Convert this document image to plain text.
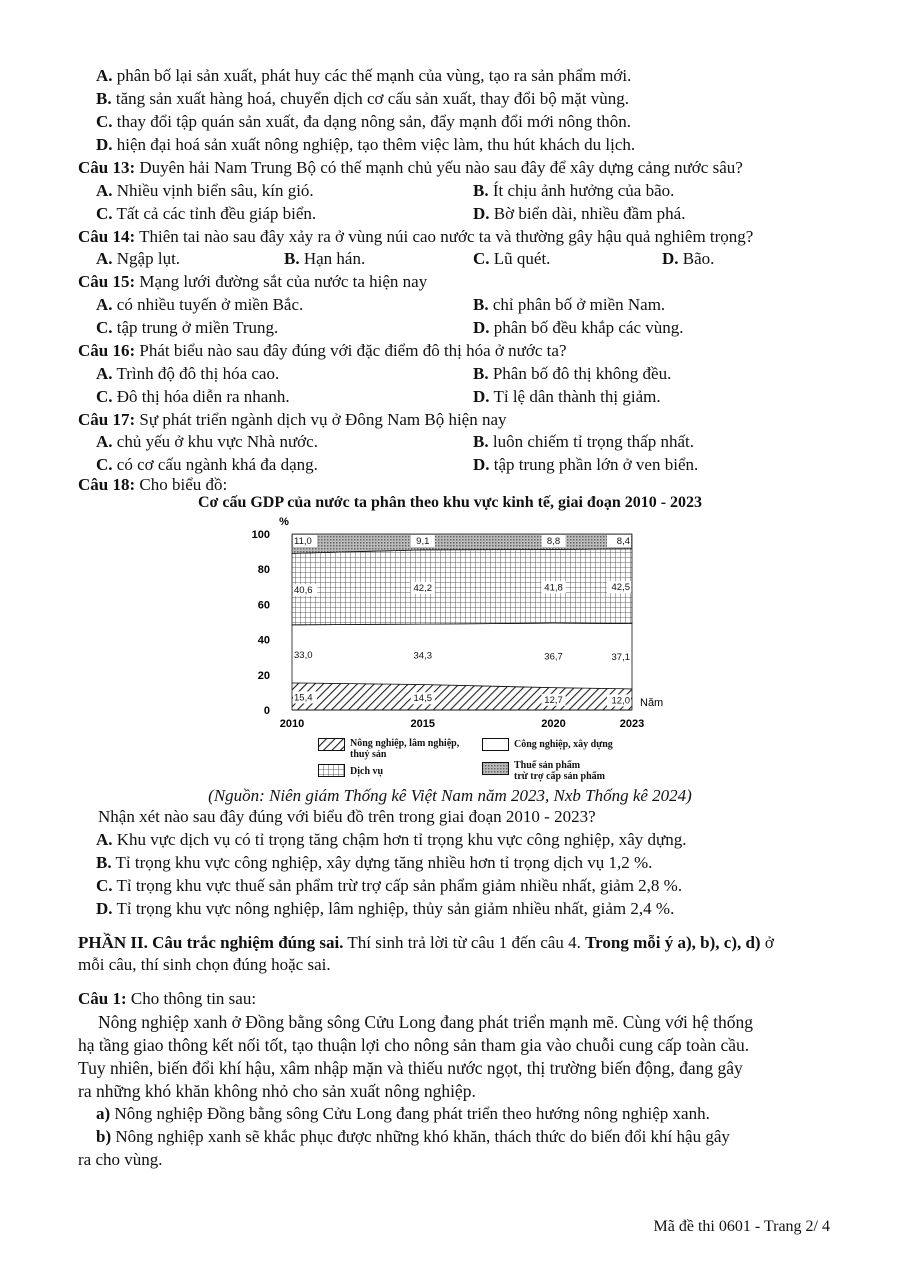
A. phân bố lại sản xuất, phát huy các thế mạnh của vùng, tạo ra sản phẩm mới.
B. tăng sản xuất hàng hoá, chuyển dịch cơ cấu sản xuất, thay đổi bộ mặt vùng.
C. thay đổi tập quán sản xuất, đa dạng nông sản, đẩy mạnh đổi mới nông thôn.
D. hiện đại hoá sản xuất nông nghiệp, tạo thêm việc làm, thu hút khách du lịch.
Câu 13: Duyên hải Nam Trung Bộ có thế mạnh chủ yếu nào sau đây để xây dựng cảng nước sâu?
A. Nhiều vịnh biển sâu, kín gió.	B. Ít chịu ảnh hưởng của bão.
C. Tất cả các tỉnh đều giáp biển.	D. Bờ biển dài, nhiều đầm phá.
Câu 14: Thiên tai nào sau đây xảy ra ở vùng núi cao nước ta và thường gây hậu quả nghiêm trọng?
A. Ngập lụt.	B. Hạn hán.	C. Lũ quét.	D. Bão.
Câu 15: Mạng lưới đường sắt của nước ta hiện nay
A. có nhiều tuyến ở miền Bắc.	B. chỉ phân bố ở miền Nam.
C. tập trung ở miền Trung.	D. phân bố đều khắp các vùng.
Câu 16: Phát biểu nào sau đây đúng với đặc điểm đô thị hóa ở nước ta?
A. Trình độ đô thị hóa cao.	B. Phân bố đô thị không đều.
C. Đô thị hóa diễn ra nhanh.	D. Tỉ lệ dân thành thị giảm.
Câu 17: Sự phát triển ngành dịch vụ ở Đông Nam Bộ hiện nay
A. chủ yếu ở khu vực Nhà nước.	B. luôn chiếm tỉ trọng thấp nhất.
C. có cơ cấu ngành khá đa dạng.	D. tập trung phần lớn ở ven biển.
Câu 18: Cho biểu đồ:
Cơ cấu GDP của nước ta phân theo khu vực kinh tế, giai đoạn 2010 - 2023
15,4	14,5	12,7	12,0
33,0	34,3	36,7	37,1
40,6	42,2	41,8	42,5
11,0	9,1	8,8	8,4
0
20
40
60
80
100
%
2010	2015	2020	2023
Năm
Nông nghiệp, lâm nghiệp,
thuỷ sản
Công nghiệp, xây dựng
Dịch vụ
Thuế sản phẩm
trừ trợ cấp sản phẩm
(Nguồn: Niên giám Thống kê Việt Nam năm 2023, Nxb Thống kê 2024)
Nhận xét nào sau đây đúng với biểu đồ trên trong giai đoạn 2010 - 2023?
A. Khu vực dịch vụ có tỉ trọng tăng chậm hơn tỉ trọng khu vực công nghiệp, xây dựng.
B. Tỉ trọng khu vực công nghiệp, xây dựng tăng nhiều hơn tỉ trọng dịch vụ 1,2 %.
C. Tỉ trọng khu vực thuế sản phẩm trừ trợ cấp sản phẩm giảm nhiều nhất, giảm 2,8 %.
D. Tỉ trọng khu vực nông nghiệp, lâm nghiệp, thủy sản giảm nhiều nhất, giảm 2,4 %.
PHẦN II. Câu trắc nghiệm đúng sai. Thí sinh trả lời từ câu 1 đến câu 4. Trong mỗi ý a), b), c), d) ở
mỗi câu, thí sinh chọn đúng hoặc sai.
Câu 1: Cho thông tin sau:
Nông nghiệp xanh ở Đồng bằng sông Cửu Long đang phát triển mạnh mẽ. Cùng với hệ thống
hạ tầng giao thông kết nối tốt, tạo thuận lợi cho nông sản tham gia vào chuỗi cung cấp toàn cầu.
Tuy nhiên, biến đổi khí hậu, xâm nhập mặn và thiếu nước ngọt, thị trường biến động, đang gây
ra những khó khăn không nhỏ cho sản xuất nông nghiệp.
a) Nông nghiệp Đồng bằng sông Cửu Long đang phát triển theo hướng nông nghiệp xanh.
b) Nông nghiệp xanh sẽ khắc phục được những khó khăn, thách thức do biến đổi khí hậu gây
ra cho vùng.
Mã đề thi 0601 - Trang 2/ 4
